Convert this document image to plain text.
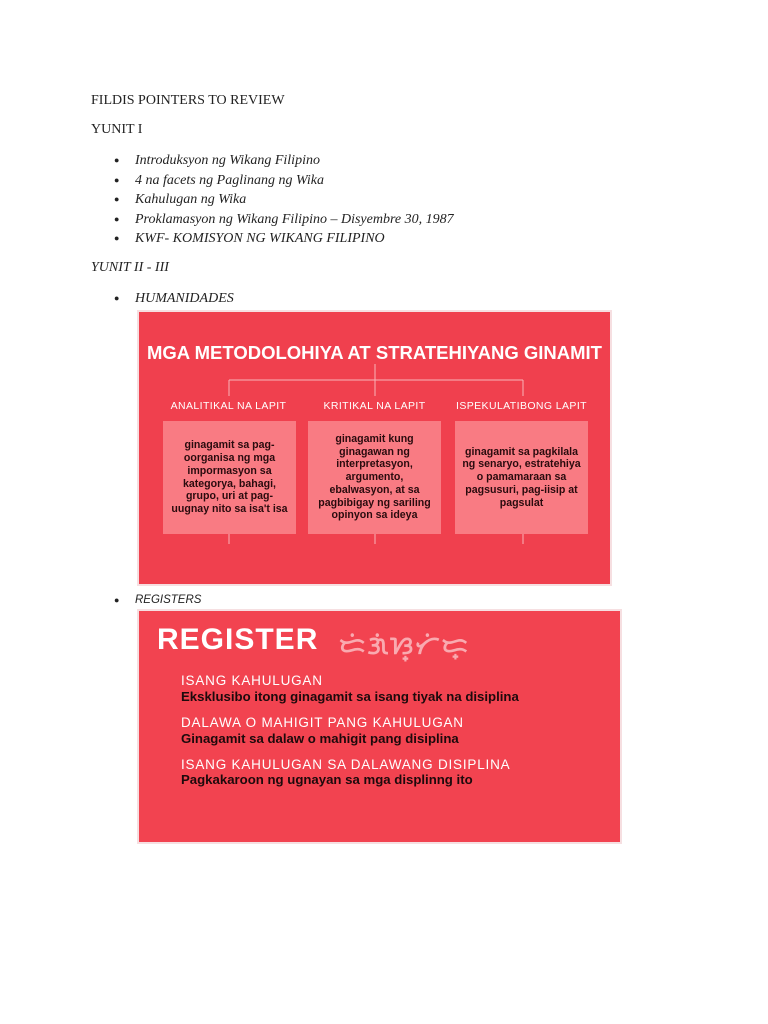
FILDIS POINTERS TO REVIEW
YUNIT I
● Introduksyon ng Wikang Filipino
● 4 na facets ng Paglinang ng Wika
● Kahulugan ng Wika
● Proklamasyon ng Wikang Filipino – Disyembre 30, 1987
● KWF- KOMISYON NG WIKANG FILIPINO
YUNIT II - III
● HUMANIDADES
MGA METODOLOHIYA AT STRATEHIYANG GINAMIT
ANALITIKAL NA LAPIT	KRITIKAL NA LAPIT	ISPEKULATIBONG LAPIT
ginagamit sa pag-oorganisa ng mga impormasyon sa kategorya, bahagi, grupo, uri at pag-uugnay nito sa isa't isa
ginagamit kung ginagawan ng interpretasyon, argumento, ebalwasyon, at sa pagbibigay ng sariling opinyon sa ideya
ginagamit sa pagkilala ng senaryo, estratehiya o pamamaraan sa pagsusuri, pag-iisip at pagsulat
● REGISTERS
REGISTER ᜇᜒᜄᜒᜐ᜔ᜆᜒᜇ᜔
ISANG KAHULUGAN
Eksklusibo itong ginagamit sa isang tiyak na disiplina
DALAWA O MAHIGIT PANG KAHULUGAN
Ginagamit sa dalaw o mahigit pang disiplina
ISANG KAHULUGAN SA DALAWANG DISIPLINA
Pagkakaroon ng ugnayan sa mga displinng ito
